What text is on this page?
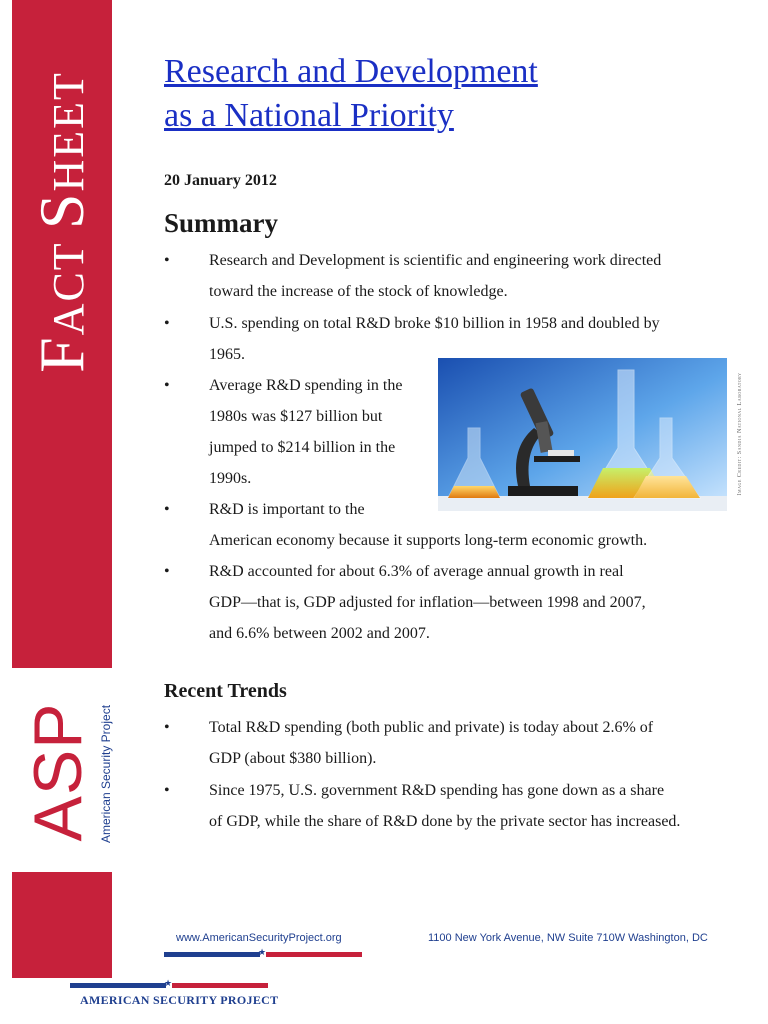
FACT SHEET
ASP American Security Project
Research and Development
as a National Priority
20 January 2012
Summary
• Research and Development is scientific and engineering work directed
toward the increase of the stock of knowledge.
• U.S. spending on total R&D broke $10 billion in 1958 and doubled by
1965.
• Average R&D spending in the
1980s was $127 billion but
jumped to $214 billion in the
1990s.
• R&D is important to the
American economy because it supports long-term economic growth.
• R&D accounted for about 6.3% of average annual growth in real
GDP—that is, GDP adjusted for inflation—between 1998 and 2007,
and 6.6% between 2002 and 2007.
Image Credit: Sandia National Laboratory
Recent Trends
• Total R&D spending (both public and private) is today about 2.6% of
GDP (about $380 billion).
• Since 1975, U.S. government R&D spending has gone down as a share
of GDP, while the share of R&D done by the private sector has increased.
www.AmericanSecurityProject.org	1100 New York Avenue, NW Suite 710W Washington, DC
★
★
AMERICAN SECURITY PROJECT
